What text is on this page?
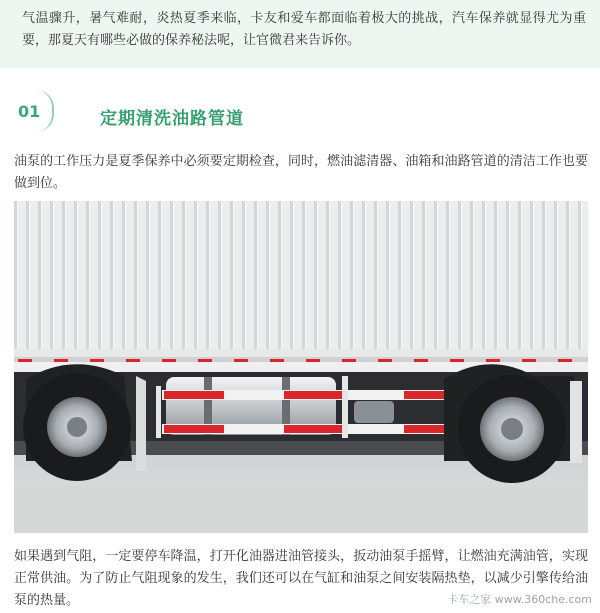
气温骤升，暑气难耐，炎热夏季来临，卡友和爱车都面临着极大的挑战，汽车保养就显得尤为重要，那夏天有哪些必做的保养秘法呢，让官微君来告诉你。

01	定期清洗油路管道

油泵的工作压力是夏季保养中必须要定期检查，同时，燃油滤清器、油箱和油路管道的清洁工作也要做到位。

如果遇到气阻，一定要停车降温，打开化油器进油管接头，扳动油泵手摇臂，让燃油充满油管，实现正常供油。为了防止气阻现象的发生，我们还可以在气缸和油泵之间安装隔热垫，以减少引擎传给油泵的热量。	卡车之家 www.360che.com
